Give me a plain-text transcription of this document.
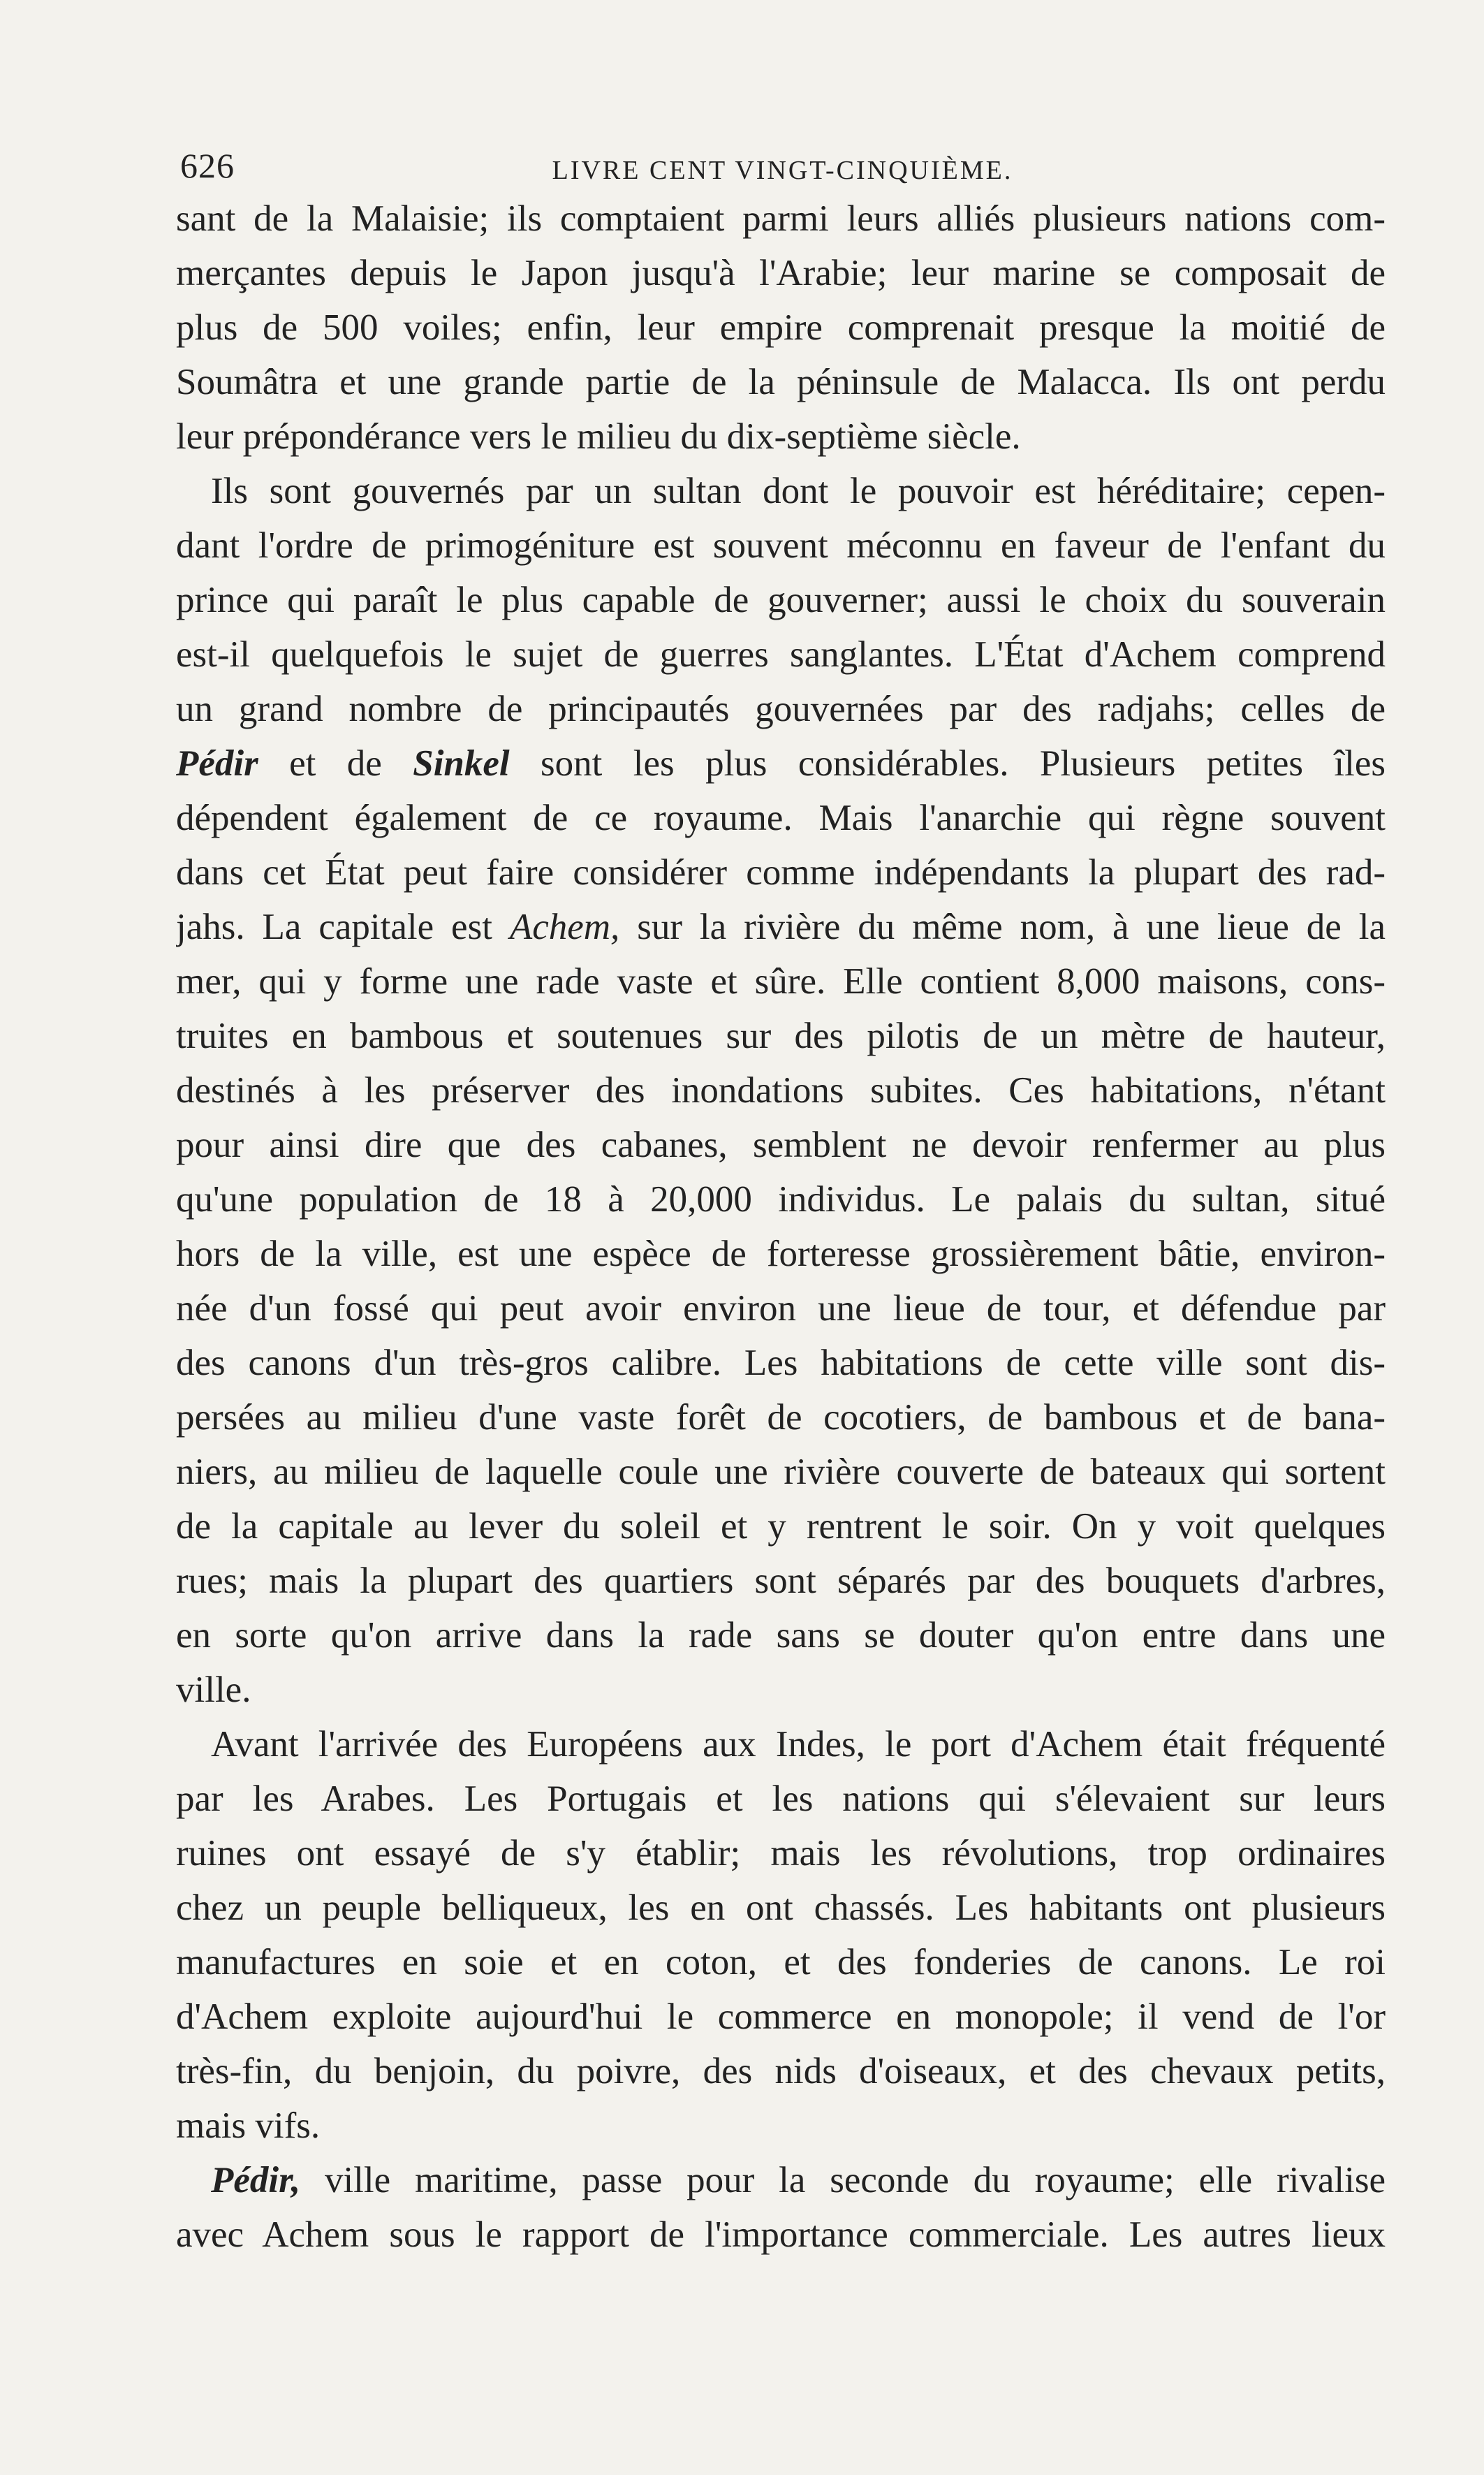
626	LIVRE CENT VINGT-CINQUIÈME.
sant de la Malaisie; ils comptaient parmi leurs alliés plusieurs nations com-
merçantes depuis le Japon jusqu'à l'Arabie; leur marine se composait de
plus de 500 voiles; enfin, leur empire comprenait presque la moitié de
Soumâtra et une grande partie de la péninsule de Malacca. Ils ont perdu
leur prépondérance vers le milieu du dix-septième siècle.
Ils sont gouvernés par un sultan dont le pouvoir est héréditaire; cepen-
dant l'ordre de primogéniture est souvent méconnu en faveur de l'enfant du
prince qui paraît le plus capable de gouverner; aussi le choix du souverain
est-il quelquefois le sujet de guerres sanglantes. L'État d'Achem comprend
un grand nombre de principautés gouvernées par des radjahs; celles de
Pédir et de Sinkel sont les plus considérables. Plusieurs petites îles
dépendent également de ce royaume. Mais l'anarchie qui règne souvent
dans cet État peut faire considérer comme indépendants la plupart des rad-
jahs. La capitale est Achem, sur la rivière du même nom, à une lieue de la
mer, qui y forme une rade vaste et sûre. Elle contient 8,000 maisons, cons-
truites en bambous et soutenues sur des pilotis de un mètre de hauteur,
destinés à les préserver des inondations subites. Ces habitations, n'étant
pour ainsi dire que des cabanes, semblent ne devoir renfermer au plus
qu'une population de 18 à 20,000 individus. Le palais du sultan, situé
hors de la ville, est une espèce de forteresse grossièrement bâtie, environ-
née d'un fossé qui peut avoir environ une lieue de tour, et défendue par
des canons d'un très-gros calibre. Les habitations de cette ville sont dis-
persées au milieu d'une vaste forêt de cocotiers, de bambous et de bana-
niers, au milieu de laquelle coule une rivière couverte de bateaux qui sortent
de la capitale au lever du soleil et y rentrent le soir. On y voit quelques
rues; mais la plupart des quartiers sont séparés par des bouquets d'arbres,
en sorte qu'on arrive dans la rade sans se douter qu'on entre dans une
ville.
Avant l'arrivée des Européens aux Indes, le port d'Achem était fréquenté
par les Arabes. Les Portugais et les nations qui s'élevaient sur leurs
ruines ont essayé de s'y établir; mais les révolutions, trop ordinaires
chez un peuple belliqueux, les en ont chassés. Les habitants ont plusieurs
manufactures en soie et en coton, et des fonderies de canons. Le roi
d'Achem exploite aujourd'hui le commerce en monopole; il vend de l'or
très-fin, du benjoin, du poivre, des nids d'oiseaux, et des chevaux petits,
mais vifs.
Pédir, ville maritime, passe pour la seconde du royaume; elle rivalise
avec Achem sous le rapport de l'importance commerciale. Les autres lieux
